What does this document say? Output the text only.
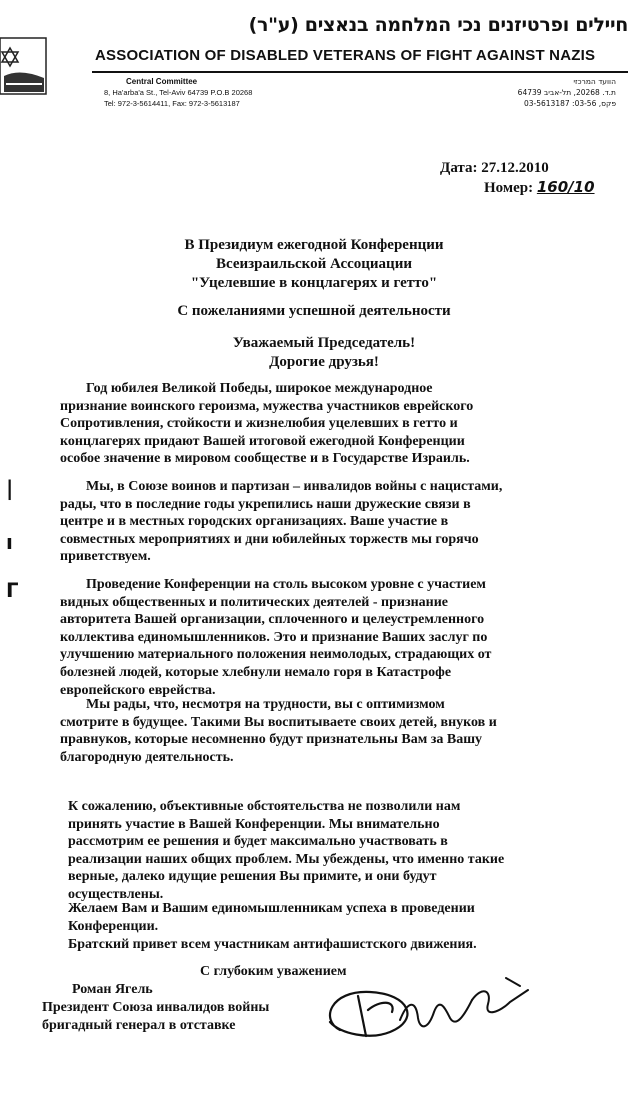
חיילים ופרטיזנים נכי המלחמה בנאצים (ע"ר)
ASSOCIATION OF DISABLED VETERANS OF FIGHT AGAINST NAZIS
Central Committee
8, Ha'arba'a St., Tel-Aviv 64739 P.O.B 20268
Tel: 972-3-5614411, Fax: 972-3-5613187
הוועד המרכזי
ת.ד. 20268, תל-אביב 64739
03-5613187 :פקס, 03-56
Дата: 27.12.2010
Номер: 160/10
В Президиум ежегодной Конференции
Всеизраильской Ассоциации
"Уцелевшие в концлагерях и гетто"
С пожеланиями успешной деятельности
Уважаемый Председатель!
Дорогие друзья!
Год юбилея Великой Победы, широкое международное
признание воинского героизма, мужества участников еврейского
Сопротивления, стойкости и жизнелюбия уцелевших в гетто и
концлагерях придают Вашей итоговой ежегодной Конференции
особое значение в мировом сообществе и в Государстве Израиль.
Мы, в Союзе воинов и партизан – инвалидов войны с нацистами,
рады, что в последние годы укрепились наши дружеские связи в
центре и в местных городских организациях. Ваше участие в
совместных мероприятиях и дни юбилейных торжеств мы горячо
приветствуем.
Проведение Конференции на столь высоком уровне с участием
видных общественных и политических деятелей - признание
авторитета Вашей организации, сплоченного и целеустремленного
коллектива единомышленников. Это и признание Ваших заслуг по
улучшению материального положения неимолодых, страдающих от
болезней людей, которые хлебнули немало горя в Катастрофе
европейского еврейства.
Мы рады, что, несмотря на трудности, вы с оптимизмом
смотрите в будущее. Такими Вы воспитываете своих детей, внуков и
правнуков, которые несомненно будут признательны Вам за Вашу
благородную деятельность.
К сожалению, объективные обстоятельства не позволили нам
принять участие в Вашей Конференции. Мы внимательно
рассмотрим ее решения и будет максимально участвовать в
реализации наших общих проблем. Мы убеждены, что именно такие
верные, далеко идущие решения Вы примите, и они будут
осуществлены.
Желаем Вам и Вашим единомышленникам успеха в проведении
Конференции.
Братский привет всем участникам антифашистского движения.
|
ı
ᒥ
С глубоким уважением
Роман Ягель
Президент Союза инвалидов войны
бригадный генерал в отставке
